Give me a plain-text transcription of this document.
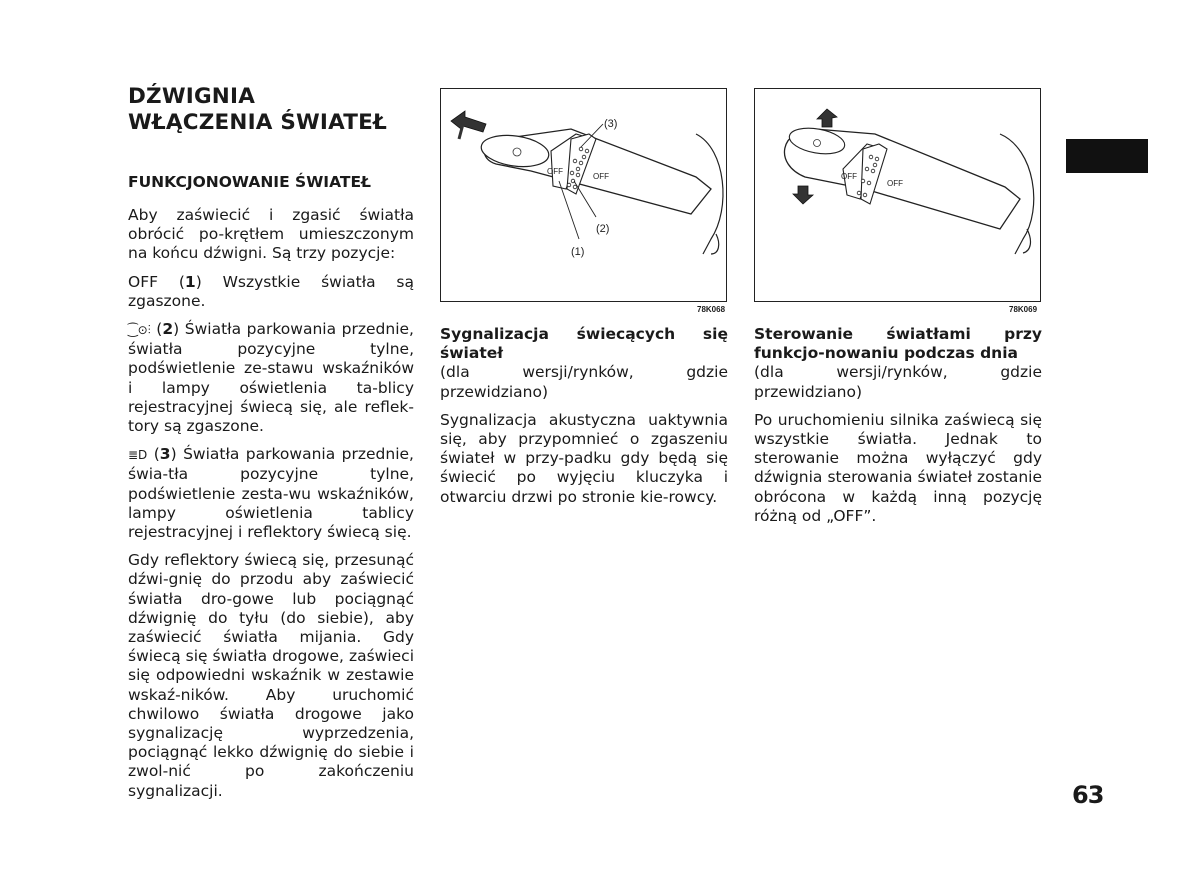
DŹWIGNIA
WŁĄCZENIA ŚWIATEŁ
FUNKCJONOWANIE ŚWIATEŁ

Aby zaświecić i zgasić światła obrócić po-krętłem umieszczonym na końcu dźwigni. Są trzy pozycje:

OFF (1) Wszystkie światła są zgaszone.

⁐⊙⫶ (2) Światła parkowania przednie, światła pozycyjne tylne, podświetlenie ze-stawu wskaźników i lampy oświetlenia ta-blicy rejestracyjnej świecą się, ale reflek-tory są zgaszone.

≣D (3) Światła parkowania przednie, świa-tła pozycyjne tylne, podświetlenie zesta-wu wskaźników, lampy oświetlenia tablicy rejestracyjnej i reflektory świecą się.

Gdy reflektory świecą się, przesunąć dźwi-gnię do przodu aby zaświecić światła dro-gowe lub pociągnąć dźwignię do tyłu (do siebie), aby zaświecić światła mijania. Gdy świecą się światła drogowe, zaświeci się odpowiedni wskaźnik w zestawie wskaź-ników. Aby uruchomić chwilowo światła drogowe jako sygnalizację wyprzedzenia, pociągnąć lekko dźwignię do siebie i zwol-nić po zakończeniu sygnalizacji.

OFF
OFF
(3)
(2)
(1)
78K068
OFF
OFF
78K069

Sygnalizacja świecących się świateł
(dla wersji/rynków, gdzie przewidziano)

Sygnalizacja akustyczna uaktywnia się, aby przypomnieć o zgaszeniu świateł w przy-padku gdy będą się świecić po wyjęciu kluczyka i otwarciu drzwi po stronie kie-rowcy.

Sterowanie światłami przy funkcjo-nowaniu podczas dnia
(dla wersji/rynków, gdzie przewidziano)

Po uruchomieniu silnika zaświecą się wszystkie światła. Jednak to sterowanie można wyłączyć gdy dźwignia sterowania świateł zostanie obrócona w każdą inną pozycję różną od „OFF”.

63
